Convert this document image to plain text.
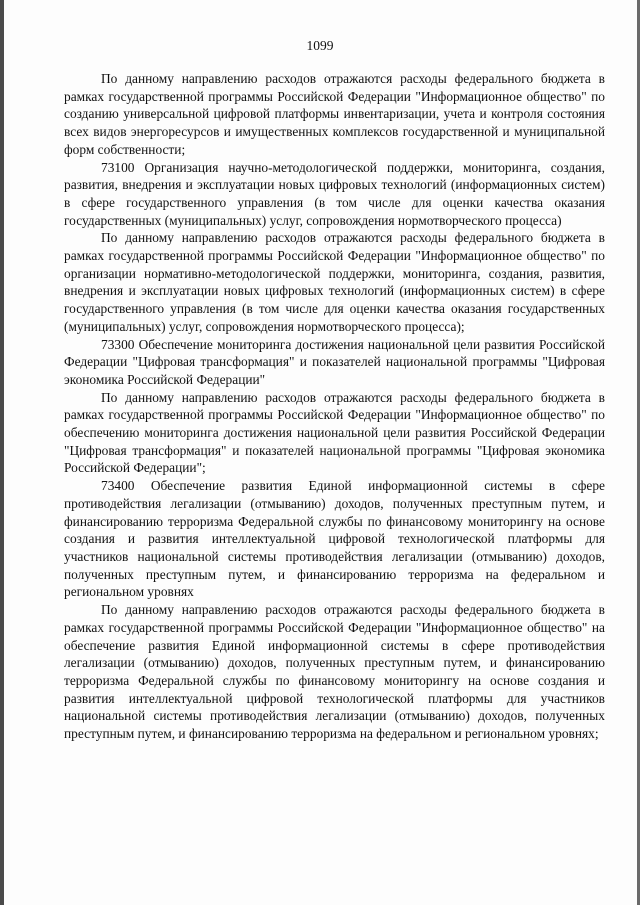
1099

По данному направлению расходов отражаются расходы федерального бюджета в рамках государственной программы Российской Федерации "Информационное общество" по созданию универсальной цифровой платформы инвентаризации, учета и контроля состояния всех видов энергоресурсов и имущественных комплексов государственной и муниципальной форм собственности;

73100 Организация научно-методологической поддержки, мониторинга, создания, развития, внедрения и эксплуатации новых цифровых технологий (информационных систем) в сфере государственного управления (в том числе для оценки качества оказания государственных (муниципальных) услуг, сопровождения нормотворческого процесса)

По данному направлению расходов отражаются расходы федерального бюджета в рамках государственной программы Российской Федерации "Информационное общество" по организации нормативно-методологической поддержки, мониторинга, создания, развития, внедрения и эксплуатации новых цифровых технологий (информационных систем) в сфере государственного управления (в том числе для оценки качества оказания государственных (муниципальных) услуг, сопровождения нормотворческого процесса);

73300 Обеспечение мониторинга достижения национальной цели развития Российской Федерации "Цифровая трансформация" и показателей национальной программы "Цифровая экономика Российской Федерации"

По данному направлению расходов отражаются расходы федерального бюджета в рамках государственной программы Российской Федерации "Информационное общество" по обеспечению мониторинга достижения национальной цели развития Российской Федерации "Цифровая трансформация" и показателей национальной программы "Цифровая экономика Российской Федерации";

73400 Обеспечение развития Единой информационной системы в сфере противодействия легализации (отмыванию) доходов, полученных преступным путем, и финансированию терроризма Федеральной службы по финансовому мониторингу на основе создания и развития интеллектуальной цифровой технологической платформы для участников национальной системы противодействия легализации (отмыванию) доходов, полученных преступным путем, и финансированию терроризма на федеральном и региональном уровнях

По данному направлению расходов отражаются расходы федерального бюджета в рамках государственной программы Российской Федерации "Информационное общество" на обеспечение развития Единой информационной системы в сфере противодействия легализации (отмыванию) доходов, полученных преступным путем, и финансированию терроризма Федеральной службы по финансовому мониторингу на основе создания и развития интеллектуальной цифровой технологической платформы для участников национальной системы противодействия легализации (отмыванию) доходов, полученных преступным путем, и финансированию терроризма на федеральном и региональном уровнях;
